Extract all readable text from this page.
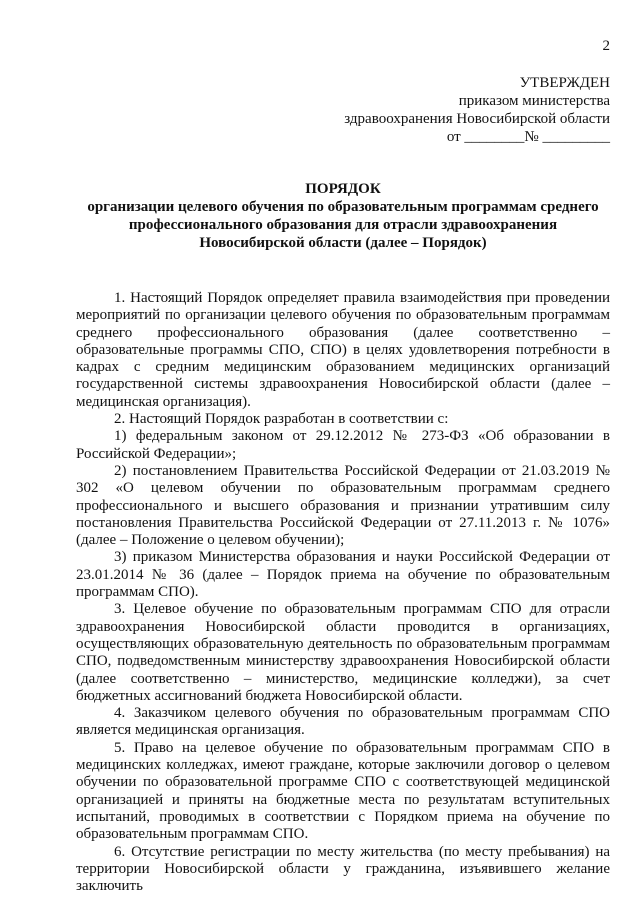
2
УТВЕРЖДЕН
приказом министерства
здравоохранения Новосибирской области
от ________№ _________
ПОРЯДОК
организации целевого обучения по образовательным программам среднего профессионального образования для отрасли здравоохранения Новосибирской области (далее – Порядок)

1. Настоящий Порядок определяет правила взаимодействия при проведении мероприятий по организации целевого обучения по образовательным программам среднего профессионального образования (далее соответственно – образовательные программы СПО, СПО) в целях удовлетворения потребности в кадрах с средним медицинским образованием медицинских организаций государственной системы здравоохранения Новосибирской области (далее – медицинская организация).

2. Настоящий Порядок разработан в соответствии с:

1) федеральным законом от 29.12.2012 № 273-ФЗ «Об образовании в Российской Федерации»;

2) постановлением Правительства Российской Федерации от 21.03.2019 № 302 «О целевом обучении по образовательным программам среднего профессионального и высшего образования и признании утратившим силу постановления Правительства Российской Федерации от 27.11.2013 г. № 1076» (далее – Положение о целевом обучении);

3) приказом Министерства образования и науки Российской Федерации от 23.01.2014 № 36 (далее – Порядок приема на обучение по образовательным программам СПО).

3. Целевое обучение по образовательным программам СПО для отрасли здравоохранения Новосибирской области проводится в организациях, осуществляющих образовательную деятельность по образовательным программам СПО, подведомственным министерству здравоохранения Новосибирской области (далее соответственно – министерство, медицинские колледжи), за счет бюджетных ассигнований бюджета Новосибирской области.

4. Заказчиком целевого обучения по образовательным программам СПО является медицинская организация.

5. Право на целевое обучение по образовательным программам СПО в медицинских колледжах, имеют граждане, которые заключили договор о целевом обучении по образовательной программе СПО с соответствующей медицинской организацией и приняты на бюджетные места по результатам вступительных испытаний, проводимых в соответствии с Порядком приема на обучение по образовательным программам СПО.

6. Отсутствие регистрации по месту жительства (по месту пребывания) на территории Новосибирской области у гражданина, изъявившего желание заключить
